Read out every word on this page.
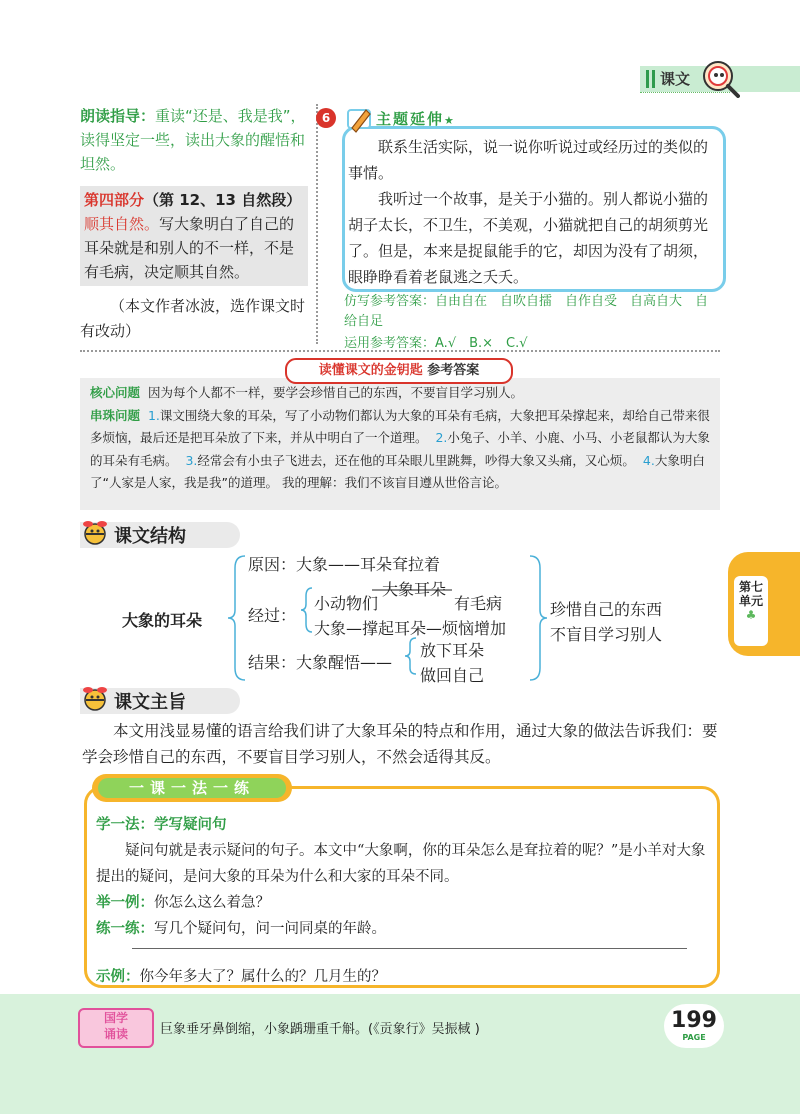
课文
朗读指导：重读“还是、我是我”，读得坚定一些，读出大象的醒悟和坦然。
第四部分（第 12、13 自然段）
顺其自然。写大象明白了自己的耳朵就是和别人的不一样，不是有毛病，决定顺其自然。
（本文作者冰波，选作课文时有改动）
6	主题延伸★

联系生活实际，说一说你听说过或经历过的类似的事情。

我听过一个故事，是关于小猫的。别人都说小猫的胡子太长，不卫生，不美观，小猫就把自己的胡须剪光了。但是，本来是捉鼠能手的它，却因为没有了胡须，眼睁睁看着老鼠逃之夭夭。

仿写参考答案：自由自在　自吹自擂　自作自受　自高自大　自给自足
运用参考答案：A.√　B.×　C.√
读懂课文的金钥匙 参考答案
核心问题 因为每个人都不一样，要学会珍惜自己的东西，不要盲目学习别人。
串珠问题 1.课文围绕大象的耳朵，写了小动物们都认为大象的耳朵有毛病，大象把耳朵撑起来，却给自己带来很多烦恼，最后还是把耳朵放了下来，并从中明白了一个道理。 2.小兔子、小羊、小鹿、小马、小老鼠都认为大象的耳朵有毛病。 3.经常会有小虫子飞进去，还在他的耳朵眼儿里跳舞，吵得大象又头痛，又心烦。 4.大象明白了“人家是人家，我是我”的道理。 我的理解：我们不该盲目遵从世俗言论。
课文结构
大象的耳朵
原因：大象——耳朵耷拉着
经过：
小动物们
大象耳朵
有毛病
大象—撑起耳朵—烦恼增加
结果：大象醒悟——
放下耳朵
做回自己
珍惜自己的东西
不盲目学习别人
课文主旨
本文用浅显易懂的语言给我们讲了大象耳朵的特点和作用，通过大象的做法告诉我们：要学会珍惜自己的东西，不要盲目学习别人，不然会适得其反。
一课一法一练
学一法：学写疑问句
疑问句就是表示疑问的句子。本文中“大象啊，你的耳朵怎么是耷拉着的呢？”是小羊对大象提出的疑问，是问大象的耳朵为什么和大家的耳朵不同。
举一例：你怎么这么着急？
练一练：写几个疑问句，问一问同桌的年龄。
示例：你今年多大了？属什么的？几月生的？
第七
单元
♣
国学
诵读	巨象垂牙鼻倒缩，小象踽珊重千斛。(《贡象行》吴振棫 )	199
PAGE
